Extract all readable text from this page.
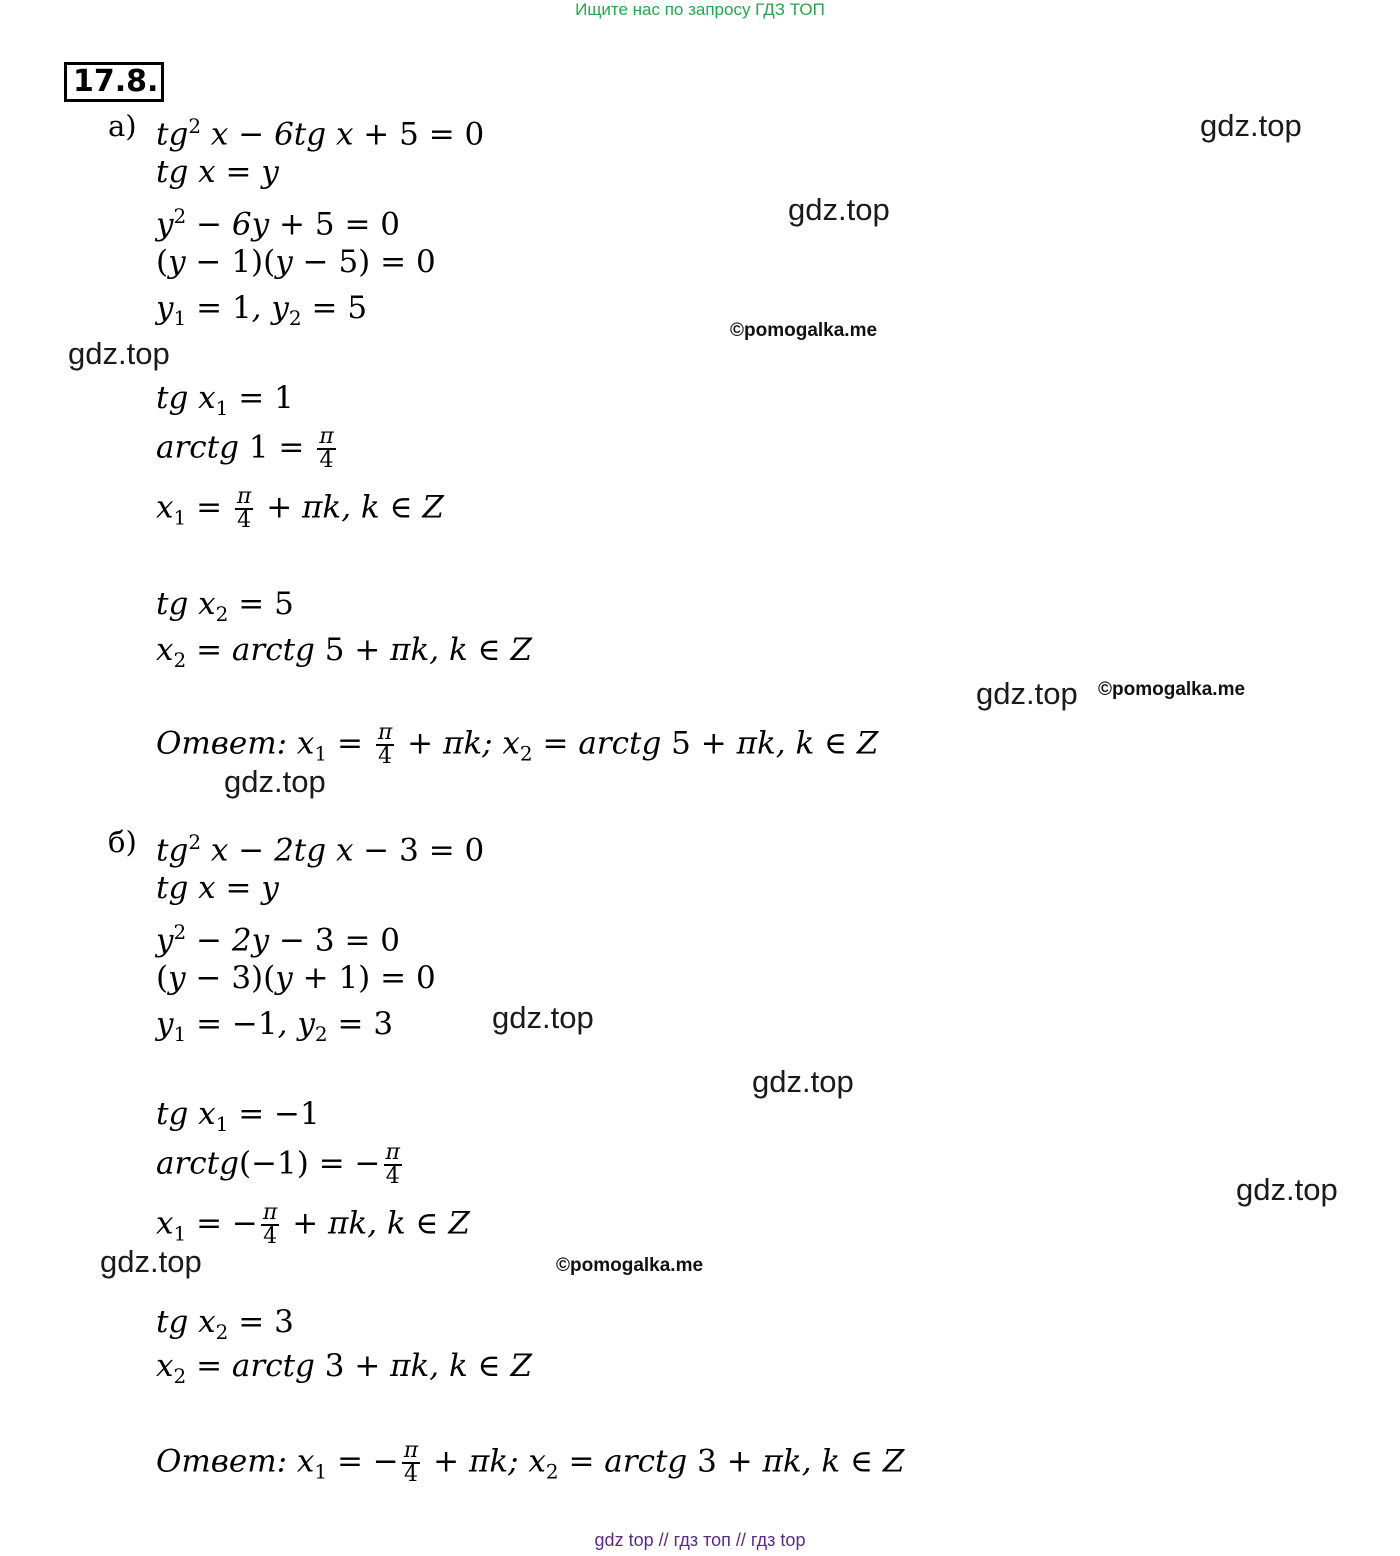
Ищите нас по запросу ГДЗ ТОП
17.8.
а) $tg^2$ x − 6tg x + 5 = 0
tg x = y
$y^2 - 6y + 5 = 0$
(y − 1)(y − 5) = 0
$y_1 = 1$, $y_2 = 5$
tg $x_1 = 1$
arctg $1 = \frac{\pi}{4}$
$x_1 = \frac{\pi}{4} + \pi k$, k ∈ Z
tg $x_2 = 5$
$x_2$ = arctg 5 + πk, k ∈ Z
Ответ: $x_1 = \frac{\pi}{4} + \pi k$; $x_2$ = arctg 5 + πk, k ∈ Z
б) $tg^2$ x − 2tg x − 3 = 0
tg x = y
$y^2 - 2y - 3 = 0$
(y − 3)(y + 1) = 0
$y_1 = -1$, $y_2 = 3$
tg $x_1 = -1$
arctg(−1) = − $\frac{\pi}{4}$
$x_1$ = − $\frac{\pi}{4} + \pi k$, k ∈ Z
tg $x_2 = 3$
$x_2$ = arctg 3 + πk, k ∈ Z
Ответ: $x_1$ = − $\frac{\pi}{4} + \pi k$; $x_2$ = arctg 3 + πk, k ∈ Z
gdz.top
gdz.top
gdz.top
gdz.top
gdz.top
gdz.top
gdz.top
gdz.top
gdz.top
©pomogalka.me
©pomogalka.me
©pomogalka.me
gdz top // гдз топ // гдз top
